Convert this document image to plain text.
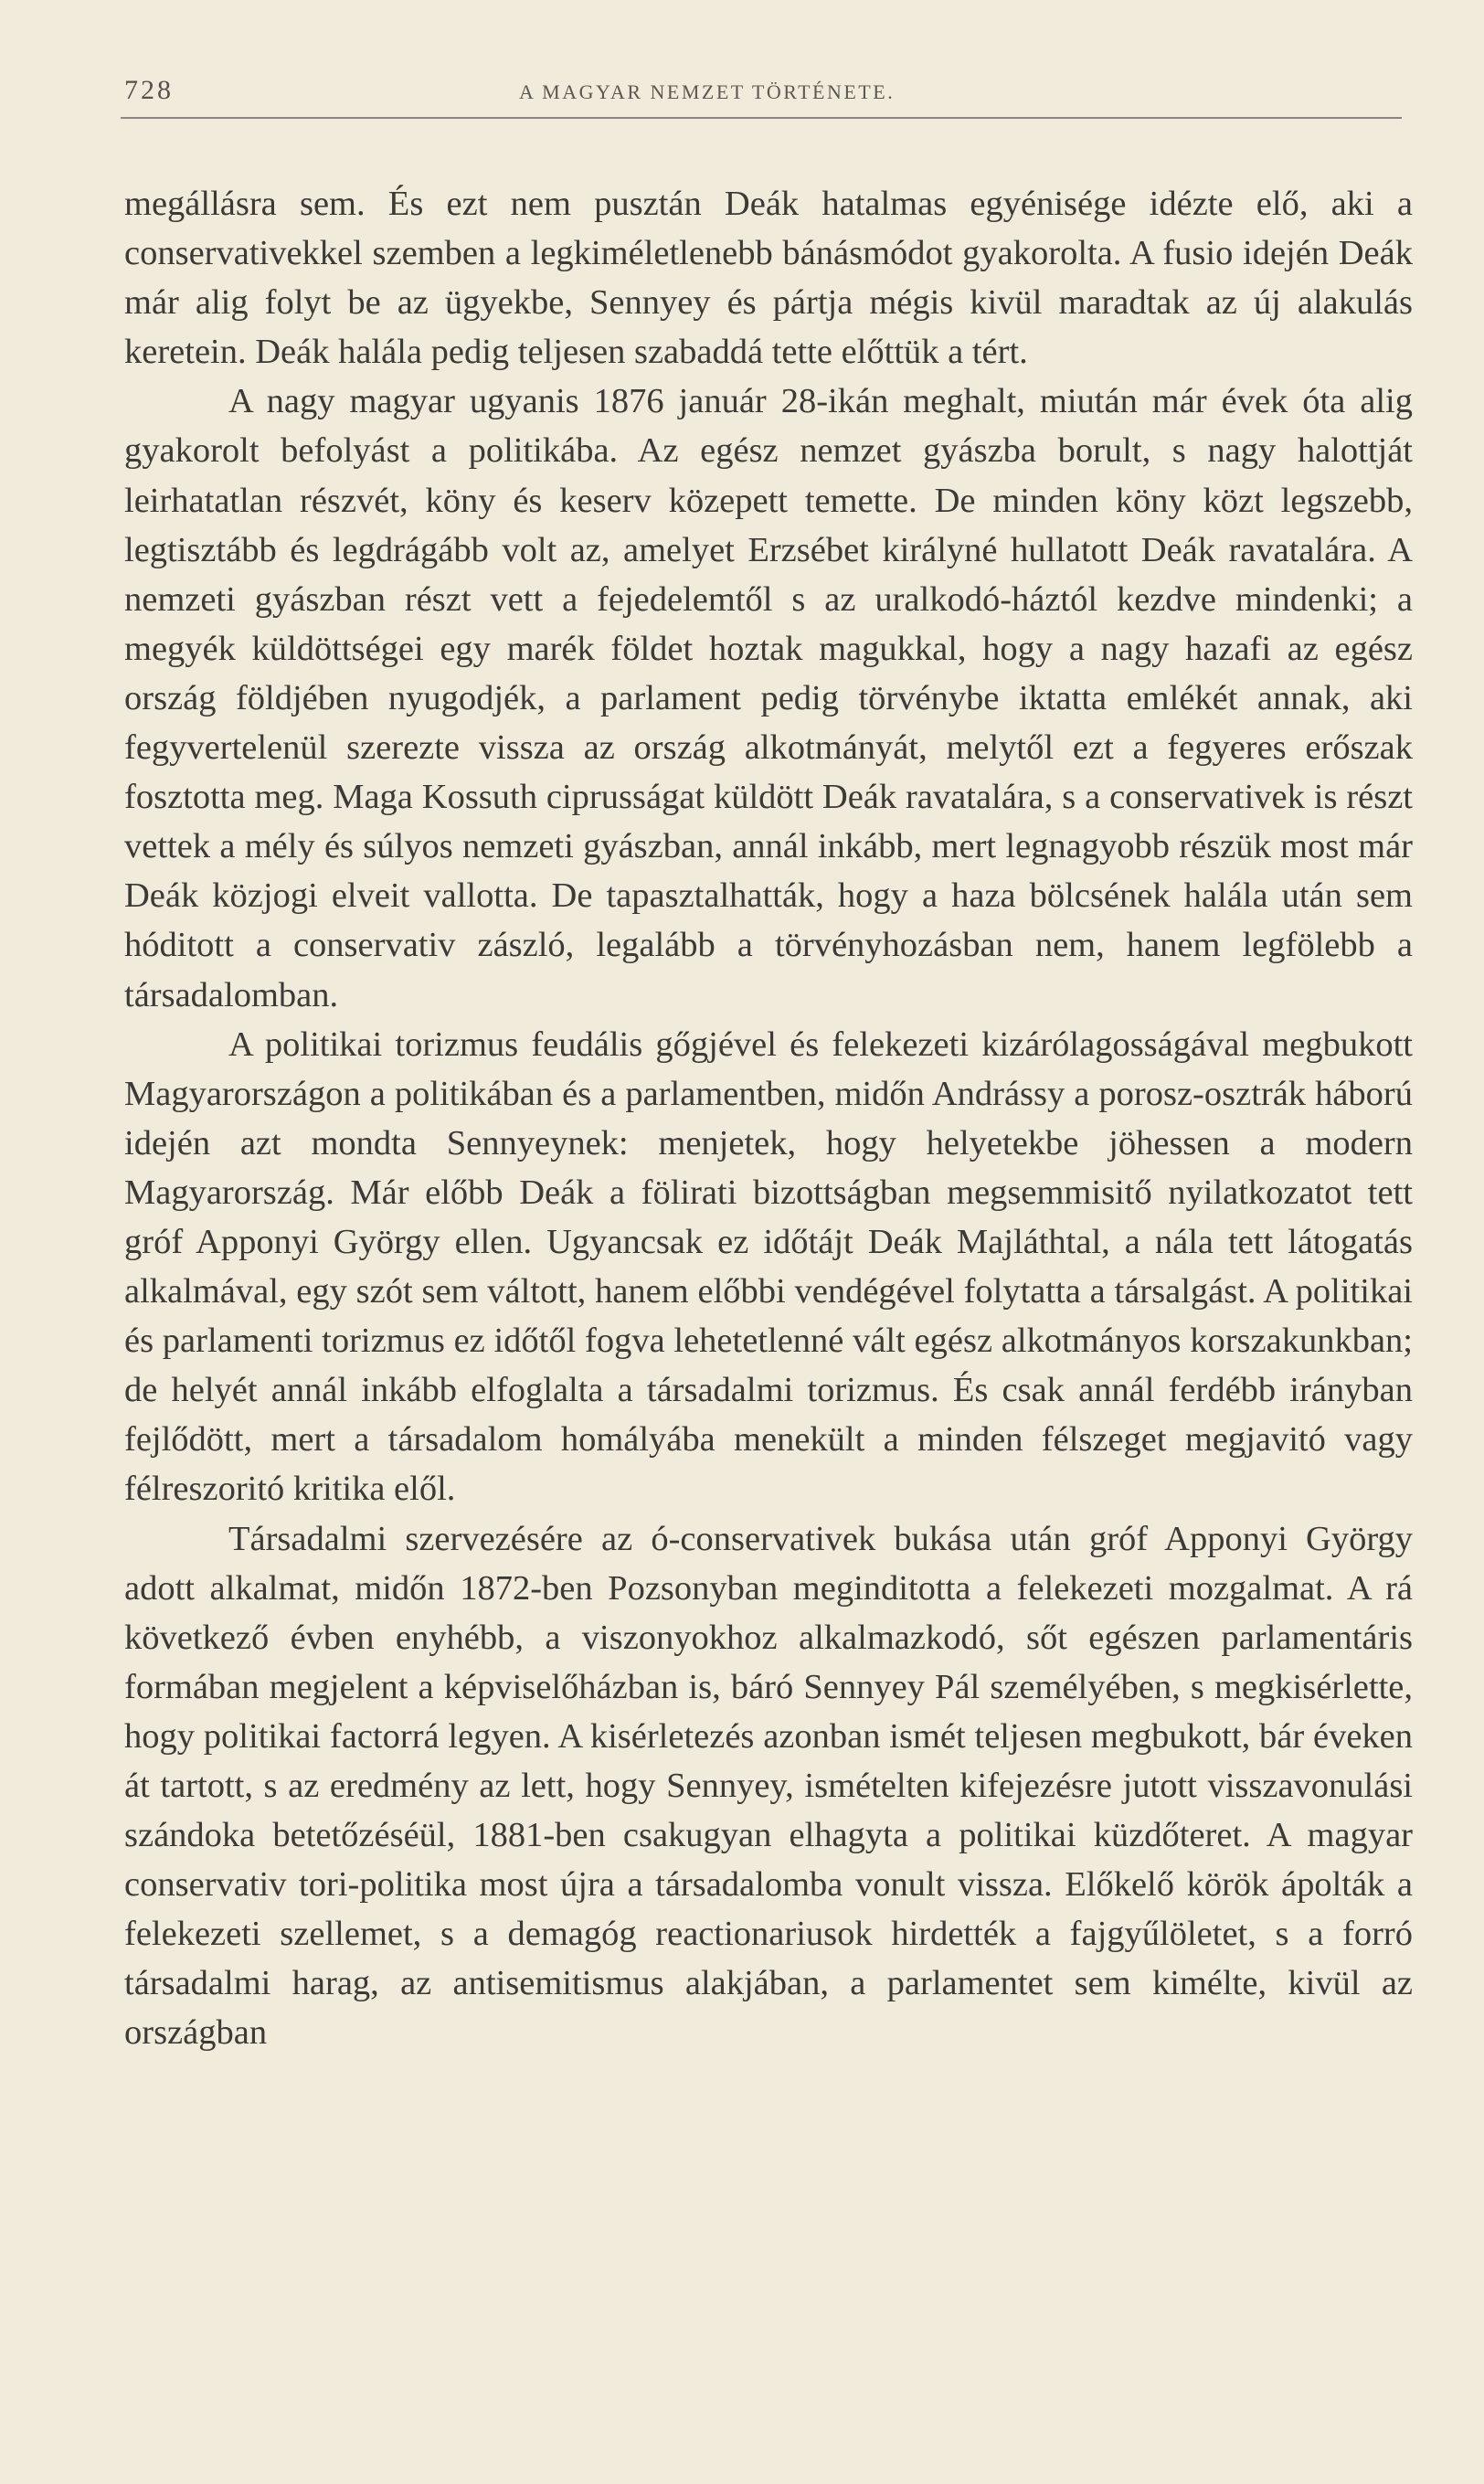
728	A MAGYAR NEMZET TÖRTÉNETE.

megállásra sem. És ezt nem pusztán Deák hatalmas egyénisége idézte elő, aki a conservativekkel szemben a legkiméletlenebb bánásmódot gyakorolta. A fusio idején Deák már alig folyt be az ügyekbe, Sennyey és pártja mégis kivül maradtak az új alakulás keretein. Deák halála pedig teljesen szabaddá tette előttük a tért.

A nagy magyar ugyanis 1876 január 28-ikán meghalt, miután már évek óta alig gyakorolt befolyást a politikába. Az egész nemzet gyászba borult, s nagy halottját leirhatatlan részvét, köny és keserv közepett temette. De minden köny közt legszebb, legtisztább és legdrágább volt az, amelyet Erzsébet királyné hullatott Deák ravatalára. A nemzeti gyászban részt vett a fejedelemtől s az uralkodó-háztól kezdve mindenki; a megyék küldöttségei egy marék földet hoztak magukkal, hogy a nagy hazafi az egész ország földjében nyugodjék, a parlament pedig törvénybe iktatta emlékét annak, aki fegyvertelenül szerezte vissza az ország alkotmányát, melytől ezt a fegyeres erőszak fosztotta meg. Maga Kossuth ciprusságat küldött Deák ravatalára, s a conservativek is részt vettek a mély és súlyos nemzeti gyászban, annál inkább, mert legnagyobb részük most már Deák közjogi elveit vallotta. De tapasztalhatták, hogy a haza bölcsének halála után sem hóditott a conservativ zászló, legalább a törvényhozásban nem, hanem legfölebb a társadalomban.

A politikai torizmus feudális gőgjével és felekezeti kizárólagosságával megbukott Magyarországon a politikában és a parlamentben, midőn Andrássy a porosz-osztrák háború idején azt mondta Sennyeynek: menjetek, hogy helyetekbe jöhessen a modern Magyarország. Már előbb Deák a fölirati bizottságban megsemmisitő nyilatkozatot tett gróf Apponyi György ellen. Ugyancsak ez időtájt Deák Majláthtal, a nála tett látogatás alkalmával, egy szót sem váltott, hanem előbbi vendégével folytatta a társalgást. A politikai és parlamenti torizmus ez időtől fogva lehetetlenné vált egész alkotmányos korszakunkban; de helyét annál inkább elfoglalta a társadalmi torizmus. És csak annál ferdébb irányban fejlődött, mert a társadalom homályába menekült a minden félszeget megjavitó vagy félreszoritó kritika elől.

Társadalmi szervezésére az ó-conservativek bukása után gróf Apponyi György adott alkalmat, midőn 1872-ben Pozsonyban meginditotta a felekezeti mozgalmat. A rá következő évben enyhébb, a viszonyokhoz alkalmazkodó, sőt egészen parlamentáris formában megjelent a képviselőházban is, báró Sennyey Pál személyében, s megkisérlette, hogy politikai factorrá legyen. A kisérletezés azonban ismét teljesen megbukott, bár éveken át tartott, s az eredmény az lett, hogy Sennyey, ismételten kifejezésre jutott visszavonulási szándoka betetőzéséül, 1881-ben csakugyan elhagyta a politikai küzdőteret. A magyar conservativ tori-politika most újra a társadalomba vonult vissza. Előkelő körök ápolták a felekezeti szellemet, s a demagóg reactionariusok hirdették a fajgyűlöletet, s a forró társadalmi harag, az antisemitismus alakjában, a parlamentet sem kimélte, kivül az országban
